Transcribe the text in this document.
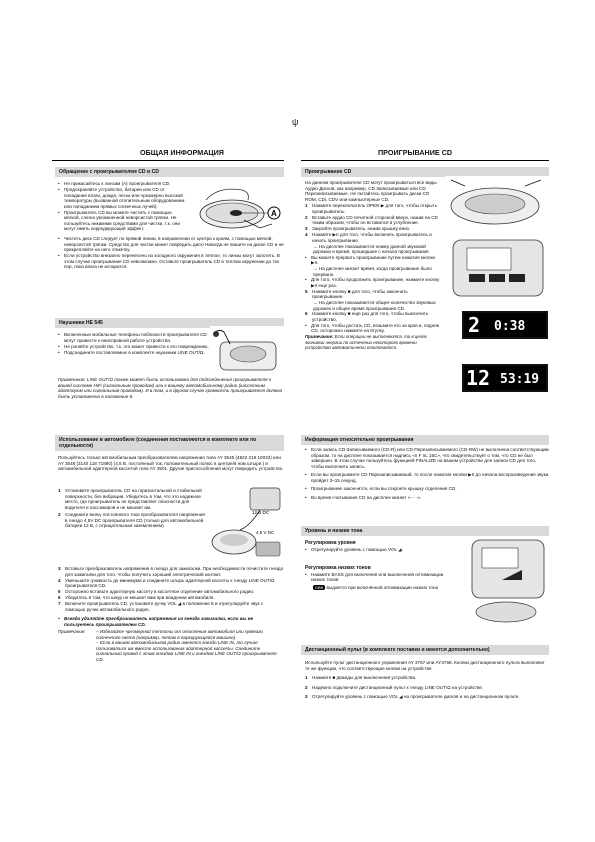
ψ
ОБЩАЯ ИНФОРМАЦИЯ	ПРОИГРЫВАНИЕ CD
Обращение с проигрывателем CD и CD
• Не прикасайтесь к линзам (A) проигрывателя CD.
• Предохраняйте устройство, батареи или CD от попадания влаги, дождя, песка или чрезмерно высокой температуры (вызванной отопительным оборудованием или попаданием прямых солнечных лучей).
• Проигрыватель CD вы можете чистить с помощью мягкой, слегка увлажненной неворсистой тряпки. Не пользуйтесь никакими средствами для чистки, т.к. они могут иметь корродирующий эффект.
• Чистить диск CD следует по прямой линии, в направлении от центра к краям, с помощью мягкой, неворсистой тряпки. Средство для чистки может повредить диск! Никогда не пишите на диске CD и не прикрепляйте на него этикетку.
• Если устройство внезапно перенесено из холодного окружения в теплое, то линзы могут запотеть. В этом случае проигрывание CD невозможно. Оставьте проигрыватель CD в теплом окружении до тех пор, пока влага не испарится.
A
Наушники HE 545
• Включенные мобильные телефоны поблизости проигрывателя CD могут привести к неисправной работе устройства.
• Не роняйте устройство, т.к. это может привести к его повреждению.
• Подсоедините поставляемые в комплекте наушники LINE OUT/Ω.
Примечание: LINE OUT/Ω также может быть использовано для подсоединения проигрывателя к вашей системе HiFi (сигнальным проводом) или к вашему автомобильному радио (кассетным адаптером или сигнальным проводом). И в том, и в другом случае громкость проигрывателя должна быть установлена в положение 8.
Использование в автомобиле (соединения поставляются в комплекте или по отдельности)
Пользуйтесь только автомобильным преобразователем напряжения типа AY 3545 (4822 219 10033) или AY 3548 (3140 118 71890) (4,5 В, постоянный ток, положительный полюс в центре/в ном штыре.) и автомобильной адаптерной кассетой типа AY 3501. Другие приспособления могут повредить устройство.
1 Установите проигрыватель CD на горизонтальной и стабильной поверхности, без вибрации. Убедитесь в том, что это надежное место, где проигрыватель не представляет опасности для водителя и пассажиров и не мешает им.
2 Соедините вилку постоянного тока преобразователя напряжения в гнездо 4,5V DC проигрывателя CD (только для автомобильной батареи 12 В, с отрицательным заземлением).
3 Вставьте преобразователь напряжения в гнездо для зажигалки. При необходимости почистите гнездо для зажигалки для того, чтобы получить хороший электрический контакт.
4 Уменьшите громкость до минимума и соедините штырь адаптерной кассеты к гнезду LINE OUT/Ω проигрывателя CD.
5 Осторожно вставьте адаптерную кассету в кассетное отделение автомобильного радио.
6 Убедитесь в том, что шнур не мешает вам при вождении автомобиля.
7 Включите проигрыватель CD, установите ручку VOL ◢ в положение 8 и отрегулируйте звук с помощью ручек автомобильного радио.
• Всегда удаляйте преобразователь напряжения из гнезда зажигалки, если вы не пользуетесь проигрывателем CD.
Примечание:	– Избегайте чрезмерной теплоты от отопления автомобиля или прямого солнечного света (например, летом в паркирующейся машине).
– Если в вашем автомобильном радио имеется гнездо LINE IN, то лучше пользоваться им вместо использования адаптерной кассеты. Соедините сигнальный провод с этим гнездом LINE IN и гнездом LINE OUT/Ω проигрывателя CD.
12 В DC
4,5 V DC
Проигрывание CD
На данном проигрывателе CD могут проигрываться все виды Аудио Дисков, как например, CD Записываемые или CD Перезаписываемые. Не пытайтесь проигрывать диски CD ROM, CDi, CDV или компьютерные CD.
1 Нажмите переключатель OPEN ▶ для того, чтобы открыть проигрыватель.
2 Вставьте аудио CD печатной стороной вверх, нажав на CD таким образом, чтобы он вставился в углубление.
3 Закройте проигрыватель, нажав крышку вниз.
4 Нажмите ▶II для того, чтобы включить проигрыватель и начать проигрывание.
→ На дисплее показывается номер данной звуковой дорожки и время, прошедшее с начала проигрывания.
• Вы можете прервать проигрывание путем нажатия кнопки ▶II.
→ На дисплее мигает время, когда проигрывание было прервано.
• Для того, чтобы продолжить проигрывание, нажмите кнопку ▶II еще раз.
5 Нажмите кнопку ■ для того, чтобы закончить проигрывание.
→ На дисплее показывается общее количество звуковых дорожек и общее время проигрывания CD.
6 Нажмите кнопку ■ еще раз для того, чтобы выключить устройство.
• Для того, чтобы достать CD, возьмите его за края и, подняв CD, осторожно нажмите на втулку.
Примечание: Если операции не выполняются, то в целях экономии энергии по истечении некоторого времени устройство автоматически отключается.
2 0:38
12 53:19
Информация относительно проигрывания
• Если запись CD-Записываемого (CD-R) или CD-Перезаписываемого (CD-RW) не выполнена соответствующим образом, то на дисплее показывается надпись «n F nL 15C», что свидетельствует о том, что CD не был завершен. В этом случае пользуйтесь функцией FINALIZE на вашем устройстве для записи CD для того, чтобы выполнить запись.
• Если вы проигрываете CD Перезаписываемый, то после нажатия кнопки ▶II до начала воспроизведения звука пройдет 3–15 секунд.
• Проигрывание закончится, если вы откроете крышку отделения CD.
• Во время считывания CD на дисплее мигает «- - -».
Уровень и низкие тона
Регулировка уровня
• Отрегулируйте уровень с помощью VOL ◢.
Регулировка низких тонов
• Нажмите BASS для включения или выключения оптимизации низких тонов
DBB выдается при включённой оптимизации низких тона
Дистанционный пульт (в комплекте поставки и имеется дополнительно)
Используйте пульт дистанционного управления AY 3767 или AY3768. Кнопки дистанционного пульта выполняют те же функции, что соответствующие кнопки на устройстве.
1 Нажмите ■ дважды для выключения устройства.
2 Надёжно подключите дистанционный пульт к гнезду LINE OUT/Ω на устройстве.
3 Отрегулируйте уровень с помощью VOL ◢ на проигрывателе дисков и на дистанционном пульте.
